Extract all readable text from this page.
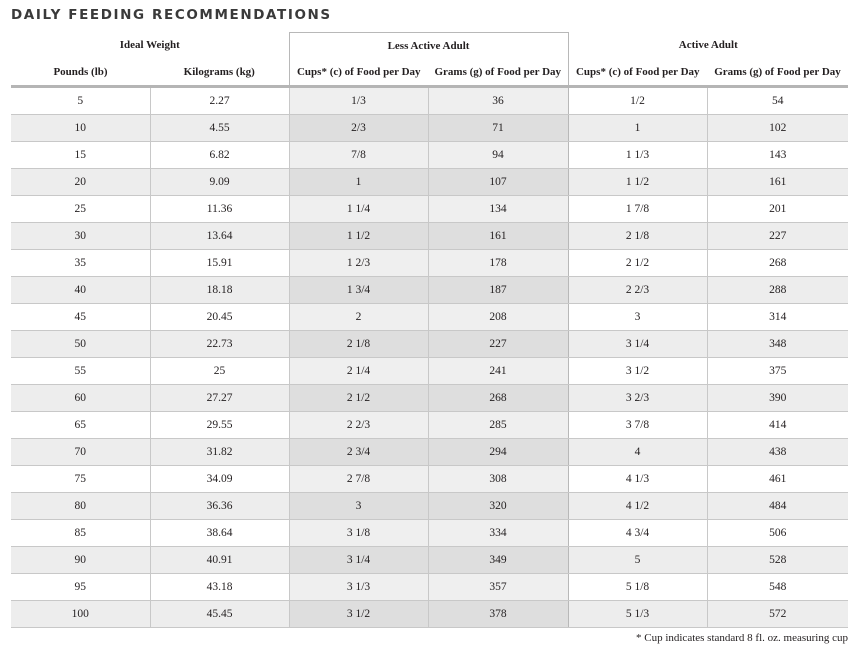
DAILY FEEDING RECOMMENDATIONS
Ideal Weight		Less Active Adult		Active Adult	
Pounds (lb)	Kilograms (kg)	Cups* (c) of Food per Day	Grams (g) of Food per Day	Cups* (c) of Food per Day	Grams (g) of Food per Day
5	2.27	1/3	36	1/2	54
10	4.55	2/3	71	1	102
15	6.82	7/8	94	1 1/3	143
20	9.09	1	107	1 1/2	161
25	11.36	1 1/4	134	1 7/8	201
30	13.64	1 1/2	161	2 1/8	227
35	15.91	1 2/3	178	2 1/2	268
40	18.18	1 3/4	187	2 2/3	288
45	20.45	2	208	3	314
50	22.73	2 1/8	227	3 1/4	348
55	25	2 1/4	241	3 1/2	375
60	27.27	2 1/2	268	3 2/3	390
65	29.55	2 2/3	285	3 7/8	414
70	31.82	2 3/4	294	4	438
75	34.09	2 7/8	308	4 1/3	461
80	36.36	3	320	4 1/2	484
85	38.64	3 1/8	334	4 3/4	506
90	40.91	3 1/4	349	5	528
95	43.18	3 1/3	357	5 1/8	548
100	45.45	3 1/2	378	5 1/3	572
* Cup indicates standard 8 fl. oz. measuring cup
